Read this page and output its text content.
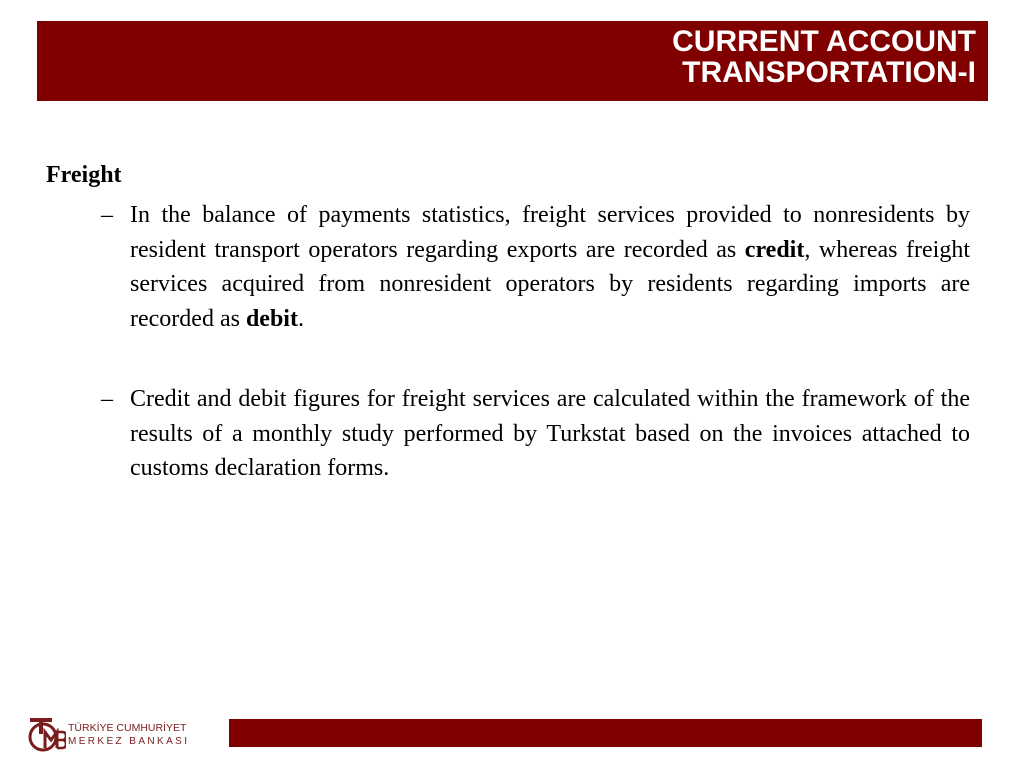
CURRENT ACCOUNT
TRANSPORTATION-I

Freight

– In the balance of payments statistics, freight services provided to nonresidents by resident transport operators regarding exports are recorded as credit, whereas freight services acquired from nonresident operators by residents regarding imports are recorded as debit.
– Credit and debit figures for freight services are calculated within the framework of the results of a monthly study performed by Turkstat based on the invoices attached to customs declaration forms.
TÜRKİYE CUMHURİYET
MERKEZ BANKASI
